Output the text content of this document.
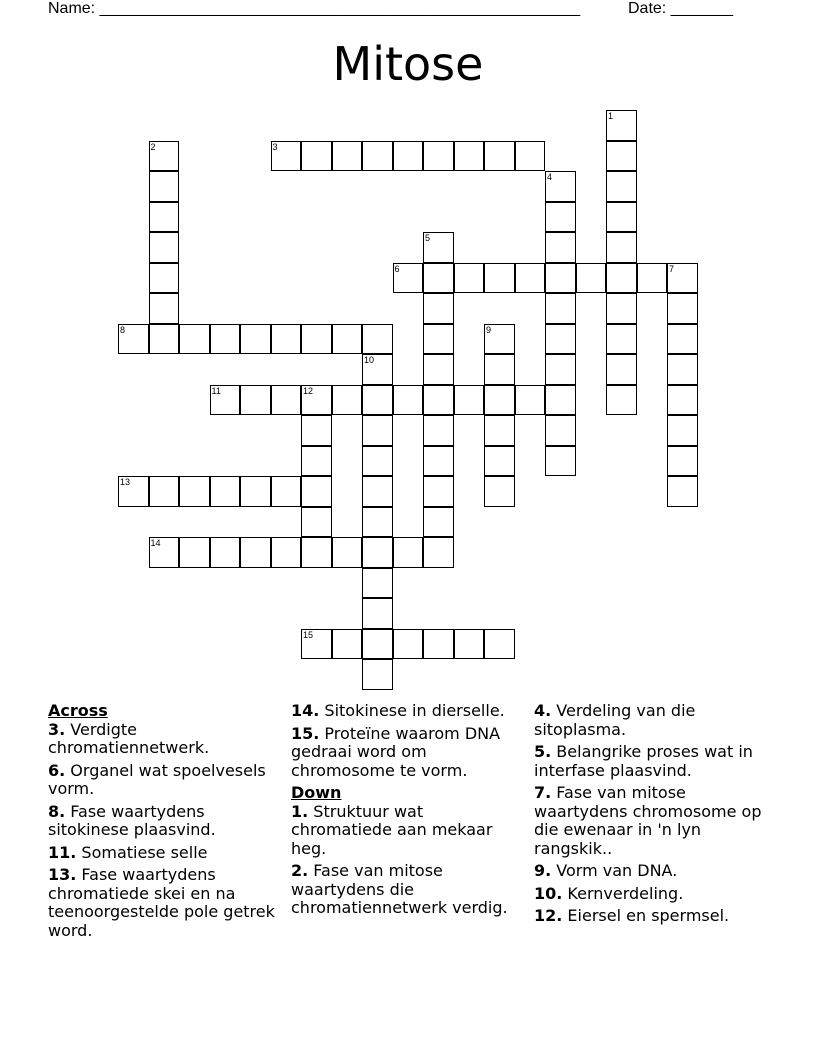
Name: ______________________________________________________	Date: _______
Mitose
1
2	3
4
5
6	7
8	9
10
11	12
13
14
15
Across
3. Verdigte chromatiennetwerk.
6. Organel wat spoelvesels vorm.
8. Fase waartydens sitokinese plaasvind.
11. Somatiese selle
13. Fase waartydens chromatiede skei en na teenoorgestelde pole getrek word.
14. Sitokinese in dierselle.
15. Proteïne waarom DNA gedraai word om chromosome te vorm.
Down
1. Struktuur wat chromatiede aan mekaar heg.
2. Fase van mitose waartydens die chromatiennetwerk verdig.
4. Verdeling van die sitoplasma.
5. Belangrike proses wat in interfase plaasvind.
7. Fase van mitose waartydens chromosome op die ewenaar in 'n lyn rangskik..
9. Vorm van DNA.
10. Kernverdeling.
12. Eiersel en spermsel.
